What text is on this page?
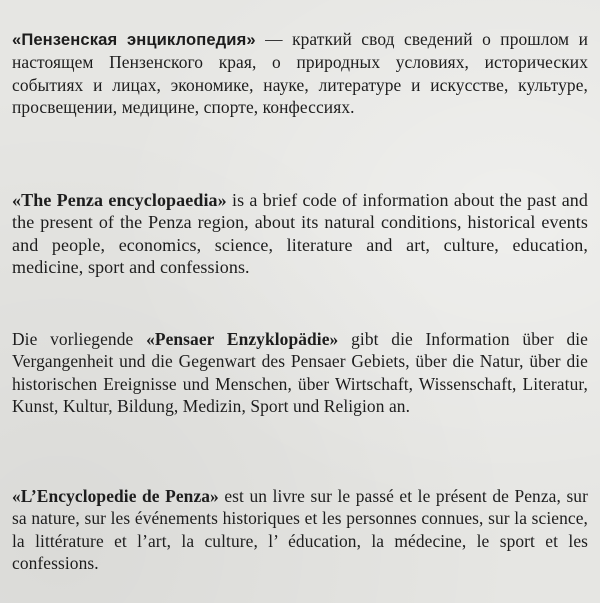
«Пензенская энциклопедия» — краткий свод сведений о прошлом и настоящем Пензенского края, о природных условиях, исторических событиях и лицах, экономике, науке, литературе и искусстве, культуре, просвещении, медицине, спорте, конфессиях.

«The Penza encyclopaedia» is a brief code of information about the past and the present of the Penza region, about its natural conditions, historical events and people, economics, science, literature and art, culture, education, medicine, sport and confessions.

Die vorliegende «Pensaer Enzyklopädie» gibt die Information über die Vergangenheit und die Gegenwart des Pensaer Gebiets, über die Natur, über die historischen Ereignisse und Menschen, über Wirtschaft, Wissenschaft, Literatur, Kunst, Kultur, Bildung, Medizin, Sport und Religion an.

«L’Encyclopedie de Penza» est un livre sur le passé et le présent de Penza, sur sa nature, sur les événements historiques et les personnes connues, sur la science, la littérature et l’art, la culture, l’ éducation, la médecine, le sport et les confessions.
